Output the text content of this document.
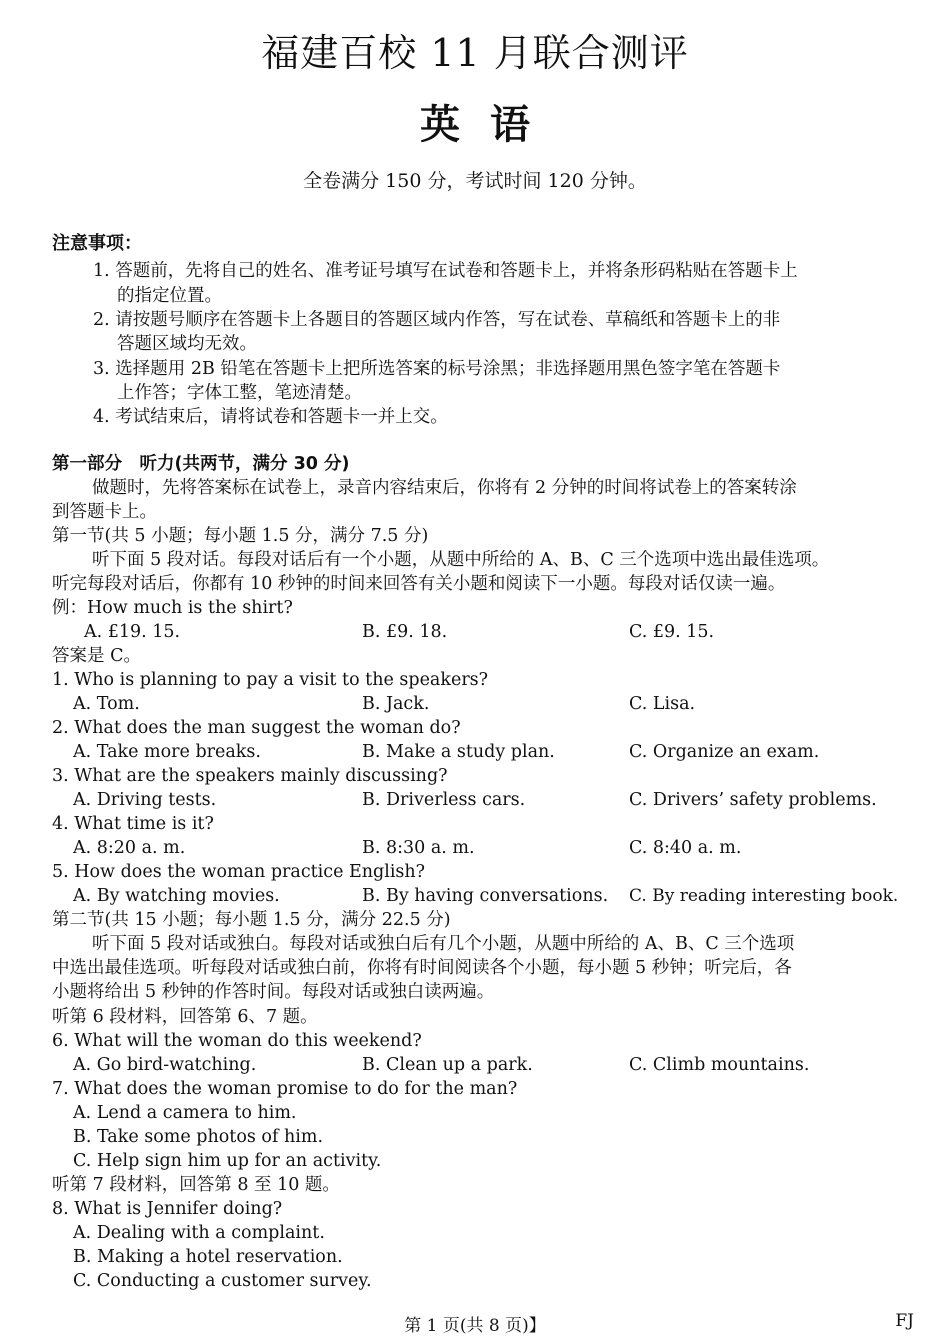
福建百校 11 月联合测评
英语
全卷满分 150 分，考试时间 120 分钟。
注意事项：
1. 答题前，先将自己的姓名、准考证号填写在试卷和答题卡上，并将条形码粘贴在答题卡上
的指定位置。
2. 请按题号顺序在答题卡上各题目的答题区域内作答，写在试卷、草稿纸和答题卡上的非
答题区域均无效。
3. 选择题用 2B 铅笔在答题卡上把所选答案的标号涂黑；非选择题用黑色签字笔在答题卡
上作答；字体工整，笔迹清楚。
4. 考试结束后，请将试卷和答题卡一并上交。
第一部分　听力(共两节，满分 30 分)
做题时，先将答案标在试卷上，录音内容结束后，你将有 2 分钟的时间将试卷上的答案转涂
到答题卡上。
第一节(共 5 小题；每小题 1.5 分，满分 7.5 分)
听下面 5 段对话。每段对话后有一个小题，从题中所给的 A、B、C 三个选项中选出最佳选项。
听完每段对话后，你都有 10 秒钟的时间来回答有关小题和阅读下一小题。每段对话仅读一遍。
例：How much is the shirt?
A. £19. 15.	B. £9. 18.	C. £9. 15.
答案是 C。
1. Who is planning to pay a visit to the speakers?
A. Tom.	B. Jack.	C. Lisa.
2. What does the man suggest the woman do?
A. Take more breaks.	B. Make a study plan.	C. Organize an exam.
3. What are the speakers mainly discussing?
A. Driving tests.	B. Driverless cars.	C. Drivers’ safety problems.
4. What time is it?
A. 8:20 a. m.	B. 8:30 a. m.	C. 8:40 a. m.
5. How does the woman practice English?
A. By watching movies.	B. By having conversations. C. By reading interesting book.
第二节(共 15 小题；每小题 1.5 分，满分 22.5 分)
听下面 5 段对话或独白。每段对话或独白后有几个小题，从题中所给的 A、B、C 三个选项
中选出最佳选项。听每段对话或独白前，你将有时间阅读各个小题，每小题 5 秒钟；听完后，各
小题将给出 5 秒钟的作答时间。每段对话或独白读两遍。
听第 6 段材料，回答第 6、7 题。
6. What will the woman do this weekend?
A. Go bird-watching.	B. Clean up a park.	C. Climb mountains.
7. What does the woman promise to do for the man?
A. Lend a camera to him.
B. Take some photos of him.
C. Help sign him up for an activity.
听第 7 段材料，回答第 8 至 10 题。
8. What is Jennifer doing?
A. Dealing with a complaint.
B. Making a hotel reservation.
C. Conducting a customer survey.
第 1 页(共 8 页)】	FJ
